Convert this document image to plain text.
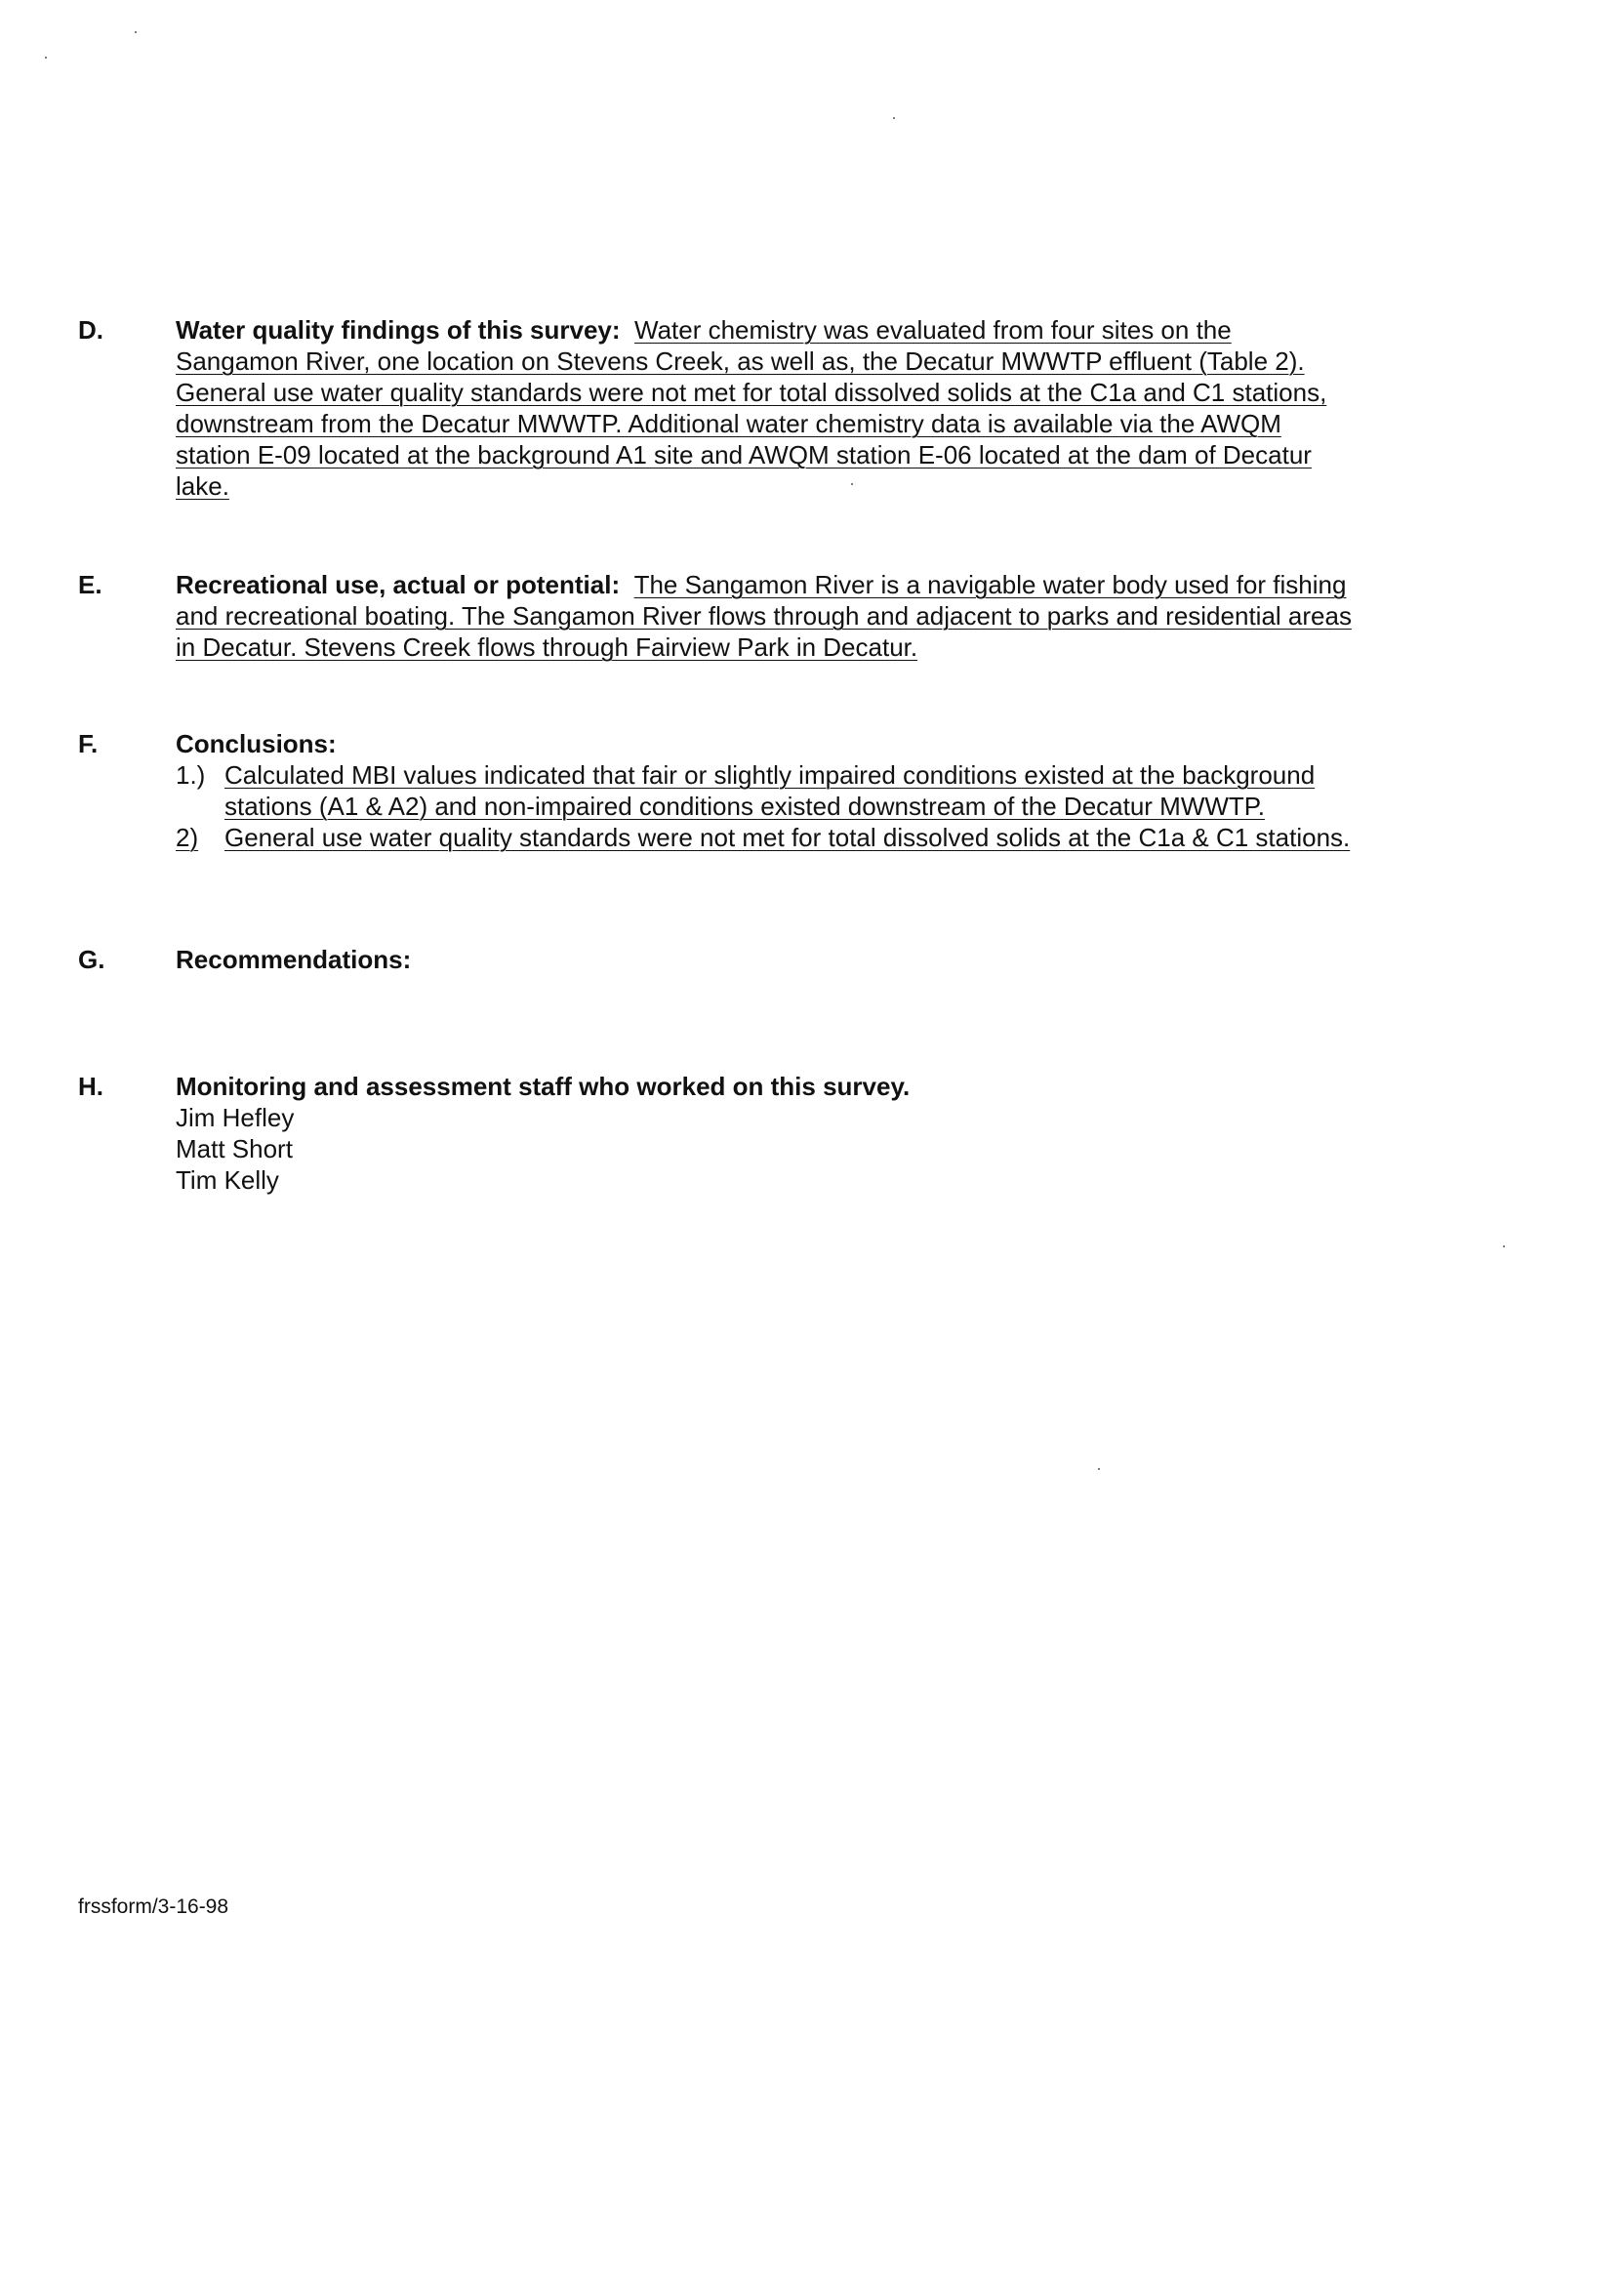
D.	Water quality findings of this survey: Water chemistry was evaluated from four sites on the
Sangamon River, one location on Stevens Creek, as well as, the Decatur MWWTP effluent (Table 2).
General use water quality standards were not met for total dissolved solids at the C1a and C1 stations,
downstream from the Decatur MWWTP. Additional water chemistry data is available via the AWQM
station E-09 located at the background A1 site and AWQM station E-06 located at the dam of Decatur
lake.
E.	Recreational use, actual or potential: The Sangamon River is a navigable water body used for fishing
and recreational boating. The Sangamon River flows through and adjacent to parks and residential areas
in Decatur. Stevens Creek flows through Fairview Park in Decatur.
F.	Conclusions:
1.) Calculated MBI values indicated that fair or slightly impaired conditions existed at the background
stations (A1 & A2) and non-impaired conditions existed downstream of the Decatur MWWTP.
2) General use water quality standards were not met for total dissolved solids at the C1a & C1 stations.
G.	Recommendations:
H.	Monitoring and assessment staff who worked on this survey.
Jim Hefley
Matt Short
Tim Kelly
frssform/3-16-98
